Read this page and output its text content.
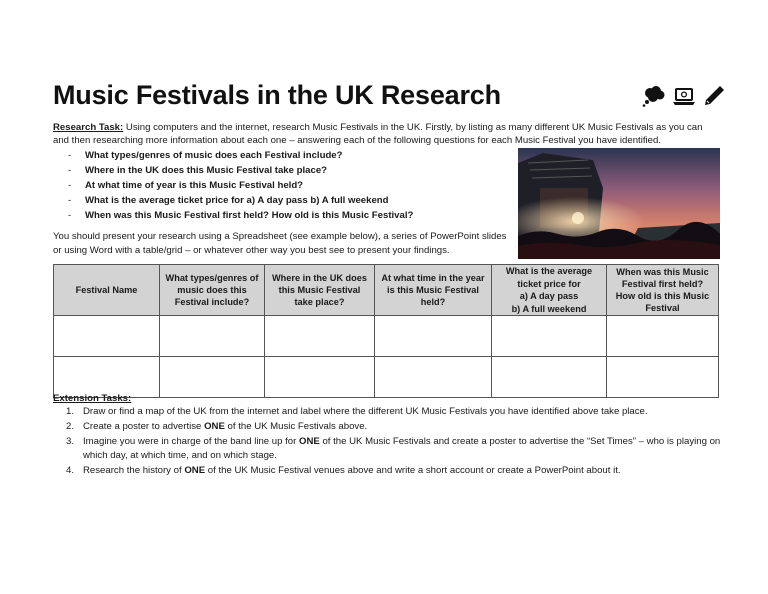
Music Festivals in the UK Research
Research Task: Using computers and the internet, research Music Festivals in the UK. Firstly, by listing as many different UK Music Festivals as you can and then researching more information about each one – answering each of the following questions for each Music Festival you have identified.
- What types/genres of music does each Festival include?
- Where in the UK does this Music Festival take place?
- At what time of year is this Music Festival held?
- What is the average ticket price for a) A day pass b) A full weekend
- When was this Music Festival first held? How old is this Music Festival?
You should present your research using a Spreadsheet (see example below), a series of PowerPoint slides or using Word with a table/grid – or whatever other way you best see to present your findings.
Festival Name	What types/genres of music does this Festival include?	Where in the UK does this Music Festival take place?	At what time in the year is this Music Festival held?	What is the average ticket price for
a) A day pass
b) A full weekend	When was this Music Festival first held? How old is this Music Festival

Extension Tasks:
1. Draw or find a map of the UK from the internet and label where the different UK Music Festivals you have identified above take place.
2. Create a poster to advertise ONE of the UK Music Festivals above.
3. Imagine you were in charge of the band line up for ONE of the UK Music Festivals and create a poster to advertise the “Set Times” – who is playing on which day, at which time, and on which stage.
4. Research the history of ONE of the UK Music Festival venues above and write a short account or create a PowerPoint about it.
